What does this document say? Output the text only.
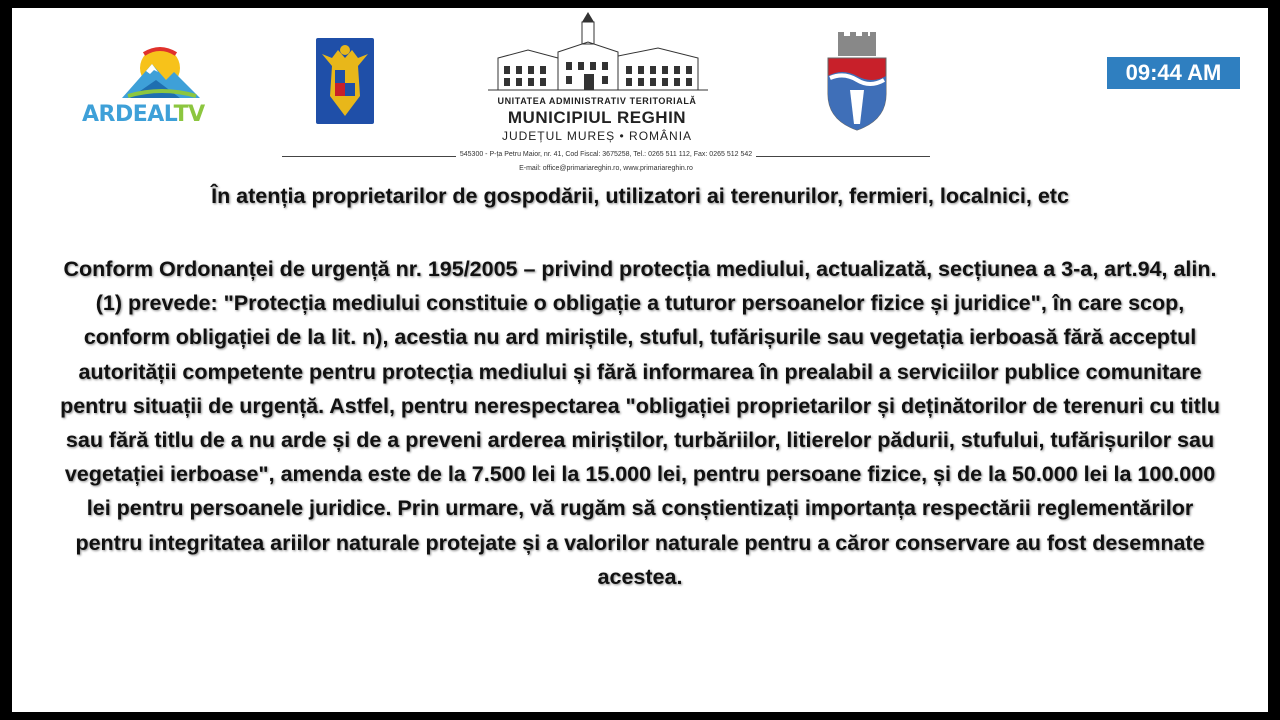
ARDEALTV
UNITATEA ADMINISTRATIV TERITORIALĂ
MUNICIPIUL REGHIN
JUDEȚUL MUREȘ • ROMÂNIA
545300 - P-ța Petru Maior, nr. 41, Cod Fiscal: 3675258, Tel.: 0265 511 112, Fax: 0265 512 542
E-mail: office@primariareghin.ro, www.primariareghin.ro
09:44 AM
În atenția proprietarilor de gospodării, utilizatori ai terenurilor, fermieri, localnici, etc
Conform Ordonanței de urgență nr. 195/2005 – privind protecția mediului, actualizată, secțiunea a 3-a, art.94, alin.(1) prevede: "Protecția mediului constituie o obligație a tuturor persoanelor fizice și juridice", în care scop, conform obligației de la lit. n), acestia nu ard miriștile, stuful, tufărișurile sau vegetația ierboasă fără acceptul autorității competente pentru protecția mediului și fără informarea în prealabil a serviciilor publice comunitare pentru situații de urgență. Astfel, pentru nerespectarea "obligației proprietarilor și deținătorilor de terenuri cu titlu sau fără titlu de a nu arde și de a preveni arderea miriștilor, turbăriilor, litierelor pădurii, stufului, tufărișurilor sau vegetației ierboase", amenda este de la 7.500 lei la 15.000 lei, pentru persoane fizice, și de la 50.000 lei la 100.000 lei pentru persoanele juridice. Prin urmare, vă rugăm să conștientizați importanța respectării reglementărilor pentru integritatea ariilor naturale protejate și a valorilor naturale pentru a căror conservare au fost desemnate acestea.
